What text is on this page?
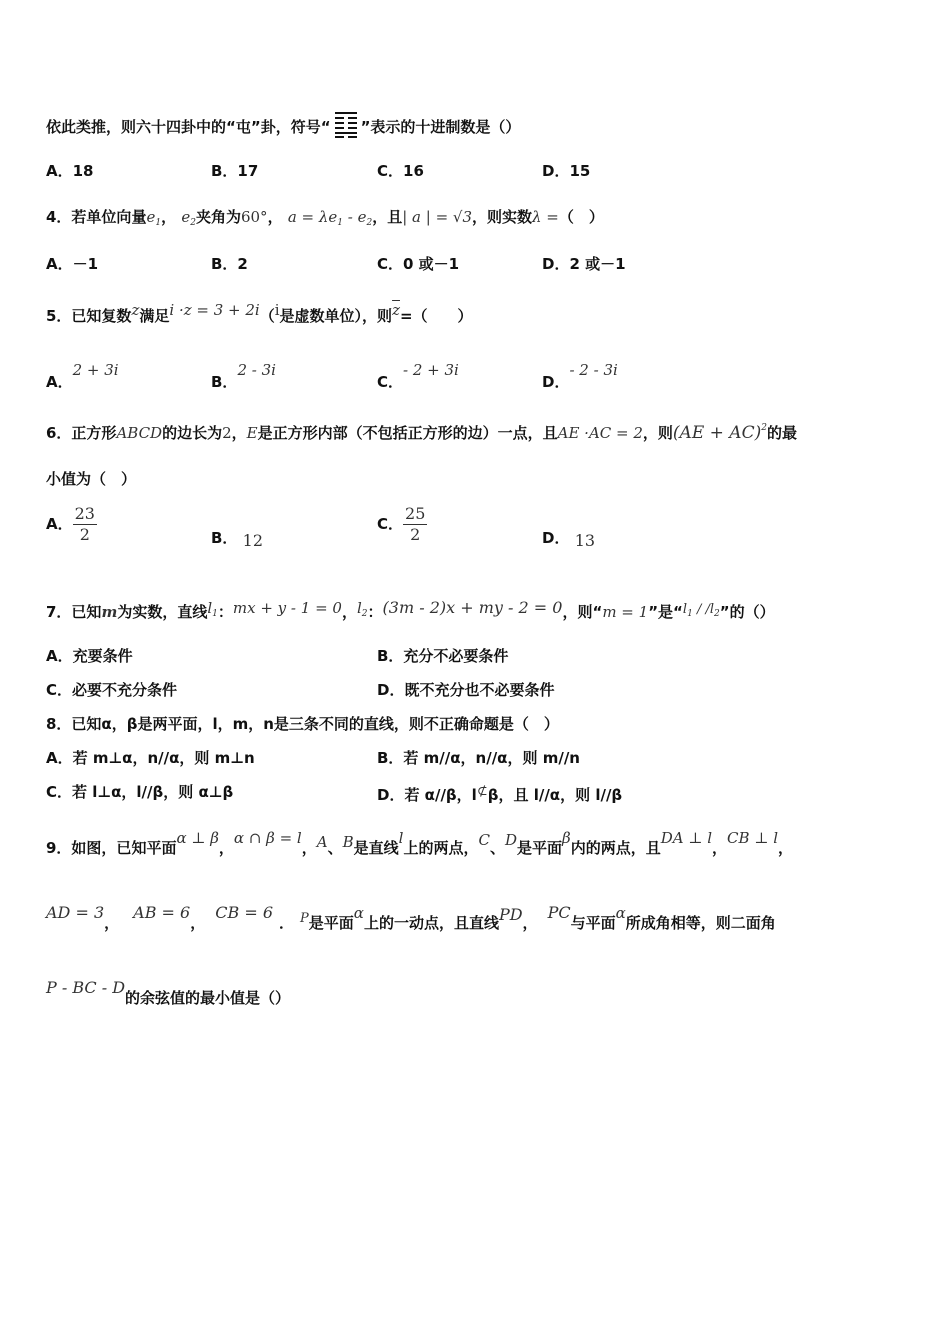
依此类推，则六十四卦中的“屯”卦，符号“ ”表示的十进制数是（）
A．18	B．17	C．16	D．15
4．若单位向量$e_1$， $e_2$夹角为60°， $a = \lambda e_1 - e_2$，且| a | = √3，则实数λ =（　）
A．－1	B．2	C．0 或－1	D．2 或－1
5．已知复数z满足i ·z = 3 + 2i（i是虚数单位），则$\overline{z}=$（　　）
A．2 + 3i
B．2 - 3i
C．- 2 + 3i
D．- 2 - 3i
6．正方形ABCD的边长为2，E是正方形内部（不包括正方形的边）一点，且AE ·AC = 2，则(AE + AC)$^2$的最
小值为（　）
A． $\frac{23}{2}$	B． 12
C． $\frac{25}{2}$	D． 13
7．已知m为实数，直线$l_1$：mx + y - 1 = 0，$l_2$：(3m - 2)x + my - 2 = 0，则“m = 1”是“$l_1 / /l_2$”的（）
A．充要条件	B．充分不必要条件
C．必要不充分条件	D．既不充分也不必要条件
8．已知α，β是两平面，l，m，n是三条不同的直线，则不正确命题是（　）
A．若 m⊥α，n//α，则 m⊥n	B．若 m//α，n//α，则 m//n
C．若 l⊥α，l//β，则 α⊥β	D．若 α//β，l⊄β，且 l//α，则 l//β
9．如图，已知平面α ⊥ β，α ∩ β = l，A、B是直线l上的两点，C、D是平面β内的两点，且DA ⊥ l，CB ⊥ l，
AD = 3，AB = 6，CB = 6． P是平面α上的一动点，且直线PD，PC与平面α所成角相等，则二面角
P - BC - D的余弦值的最小值是（）
